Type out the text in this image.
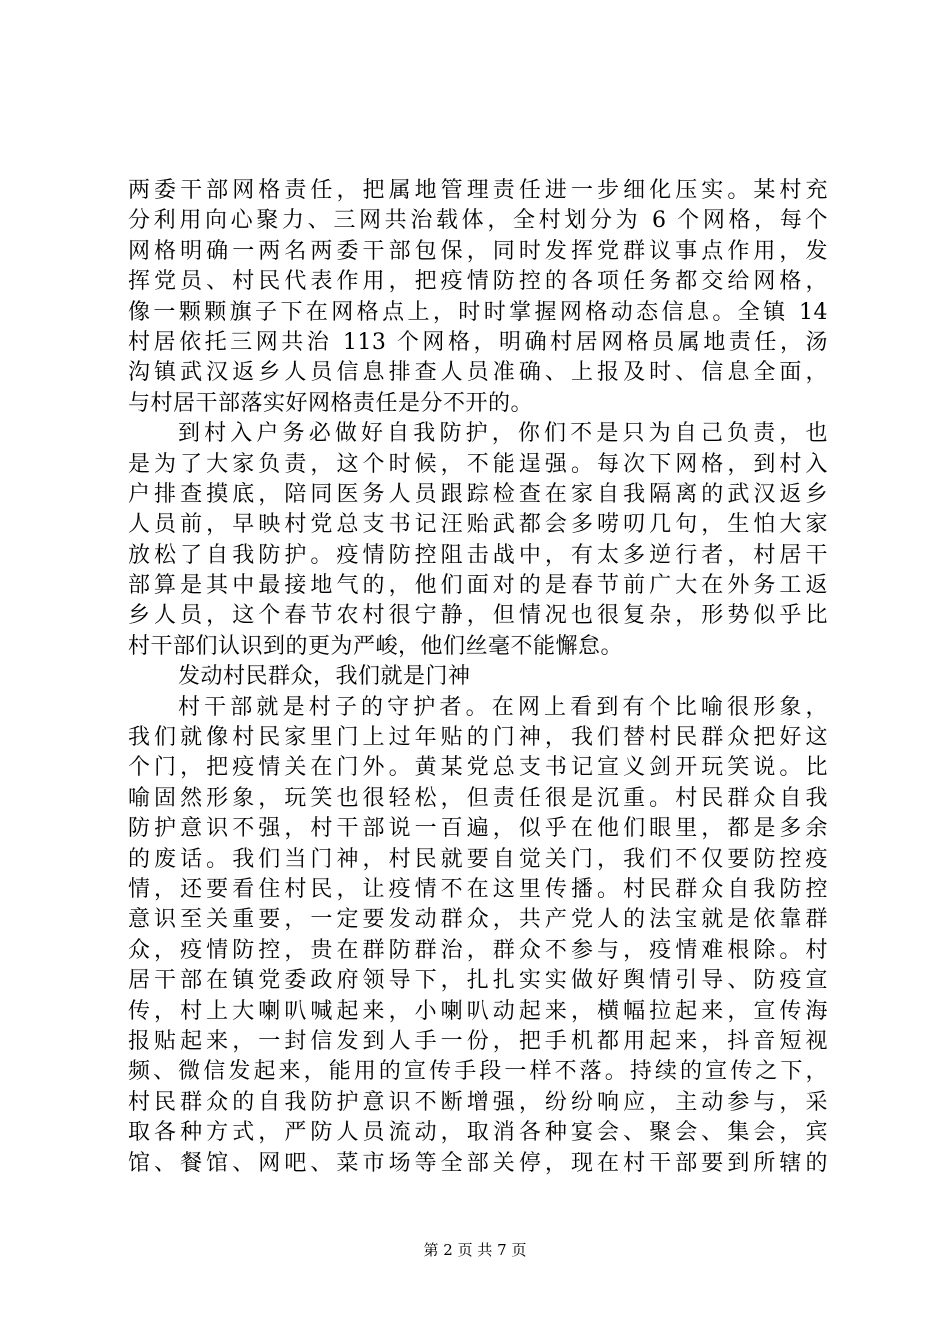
两委干部网格责任，把属地管理责任进一步细化压实。某村充
分利用向心聚力、三网共治载体，全村划分为 6 个网格，每个
网格明确一两名两委干部包保，同时发挥党群议事点作用，发
挥党员、村民代表作用，把疫情防控的各项任务都交给网格，
像一颗颗旗子下在网格点上，时时掌握网格动态信息。全镇 14
村居依托三网共治 113 个网格，明确村居网格员属地责任，汤
沟镇武汉返乡人员信息排查人员准确、上报及时、信息全面，
与村居干部落实好网格责任是分不开的。
到村入户务必做好自我防护，你们不是只为自己负责，也
是为了大家负责，这个时候，不能逞强。每次下网格，到村入
户排查摸底，陪同医务人员跟踪检查在家自我隔离的武汉返乡
人员前，早映村党总支书记汪贻武都会多唠叨几句，生怕大家
放松了自我防护。疫情防控阻击战中，有太多逆行者，村居干
部算是其中最接地气的，他们面对的是春节前广大在外务工返
乡人员，这个春节农村很宁静，但情况也很复杂，形势似乎比
村干部们认识到的更为严峻，他们丝毫不能懈怠。
发动村民群众，我们就是门神
村干部就是村子的守护者。在网上看到有个比喻很形象，
我们就像村民家里门上过年贴的门神，我们替村民群众把好这
个门，把疫情关在门外。黄某党总支书记宣义剑开玩笑说。比
喻固然形象，玩笑也很轻松，但责任很是沉重。村民群众自我
防护意识不强，村干部说一百遍，似乎在他们眼里，都是多余
的废话。我们当门神，村民就要自觉关门，我们不仅要防控疫
情，还要看住村民，让疫情不在这里传播。村民群众自我防控
意识至关重要，一定要发动群众，共产党人的法宝就是依靠群
众，疫情防控，贵在群防群治，群众不参与，疫情难根除。村
居干部在镇党委政府领导下，扎扎实实做好舆情引导、防疫宣
传，村上大喇叭喊起来，小喇叭动起来，横幅拉起来，宣传海
报贴起来，一封信发到人手一份，把手机都用起来，抖音短视
频、微信发起来，能用的宣传手段一样不落。持续的宣传之下，
村民群众的自我防护意识不断增强，纷纷响应，主动参与，采
取各种方式，严防人员流动，取消各种宴会、聚会、集会，宾
馆、餐馆、网吧、菜市场等全部关停，现在村干部要到所辖的
第 2 页 共 7 页
